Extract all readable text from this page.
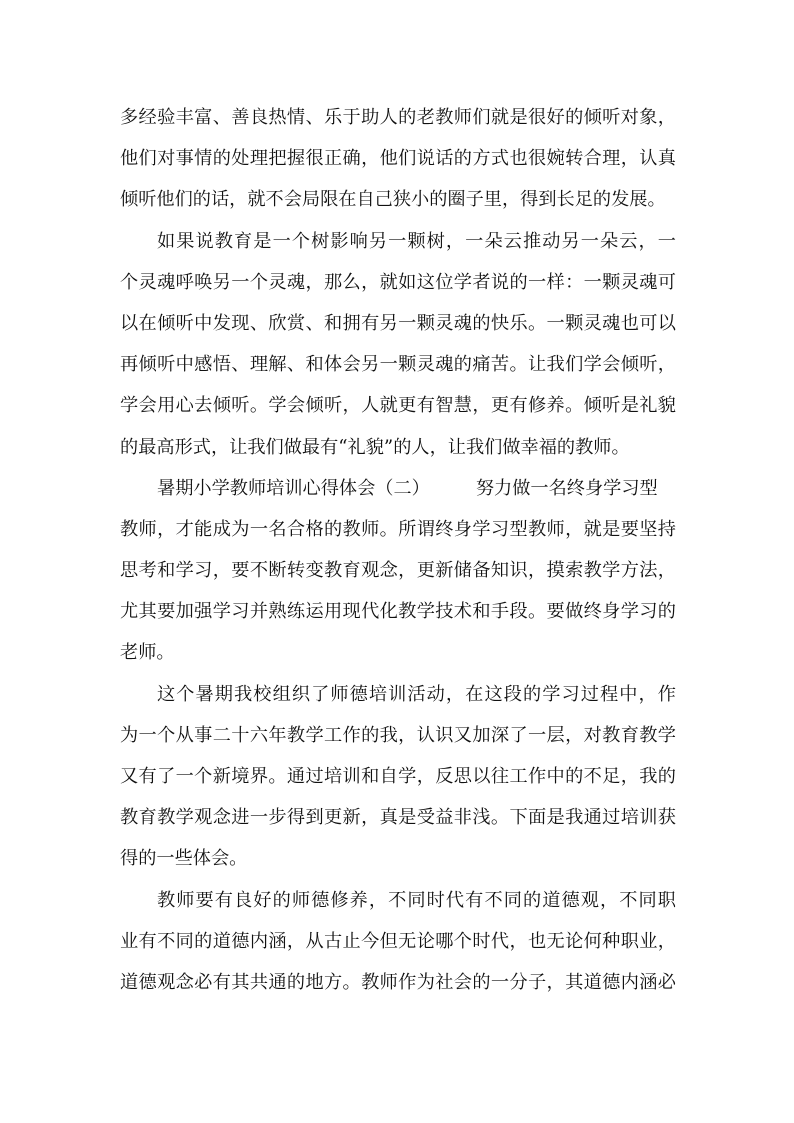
多经验丰富、善良热情、乐于助人的老教师们就是很好的倾听对象，
他们对事情的处理把握很正确，他们说话的方式也很婉转合理，认真
倾听他们的话，就不会局限在自己狭小的圈子里，得到长足的发展。
如果说教育是一个树影响另一颗树，一朵云推动另一朵云，一
个灵魂呼唤另一个灵魂，那么，就如这位学者说的一样：一颗灵魂可
以在倾听中发现、欣赏、和拥有另一颗灵魂的快乐。一颗灵魂也可以
再倾听中感悟、理解、和体会另一颗灵魂的痛苦。让我们学会倾听，
学会用心去倾听。学会倾听，人就更有智慧，更有修养。倾听是礼貌
的最高形式，让我们做最有“礼貌”的人，让我们做幸福的教师。
暑期小学教师培训心得体会（二）	努力做一名终身学习型
教师，才能成为一名合格的教师。所谓终身学习型教师，就是要坚持
思考和学习，要不断转变教育观念，更新储备知识，摸索教学方法，
尤其要加强学习并熟练运用现代化教学技术和手段。要做终身学习的
老师。
这个暑期我校组织了师德培训活动，在这段的学习过程中，作
为一个从事二十六年教学工作的我，认识又加深了一层，对教育教学
又有了一个新境界。通过培训和自学，反思以往工作中的不足，我的
教育教学观念进一步得到更新，真是受益非浅。下面是我通过培训获
得的一些体会。
教师要有良好的师德修养，不同时代有不同的道德观，不同职
业有不同的道德内涵，从古止今但无论哪个时代，也无论何种职业，
道德观念必有其共通的地方。教师作为社会的一分子，其道德内涵必
